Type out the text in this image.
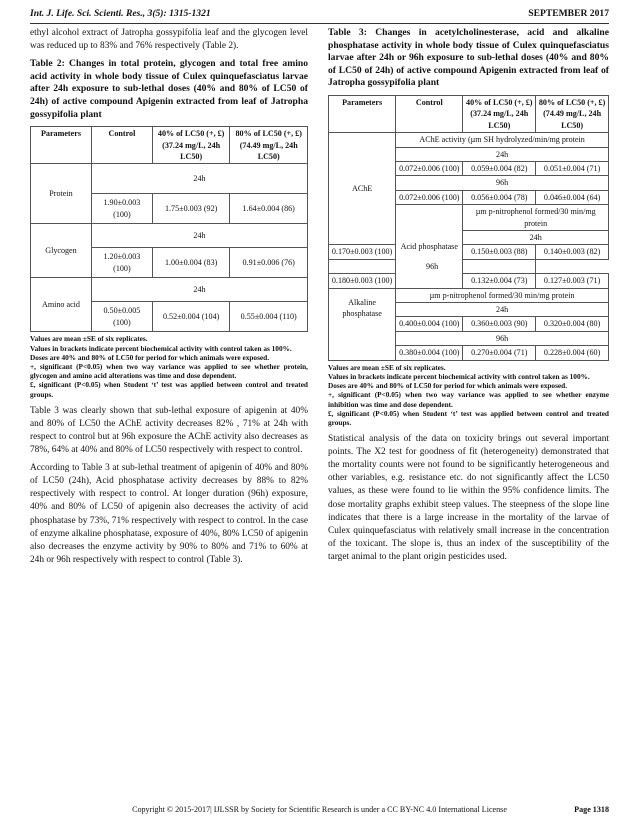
Int. J. Life. Sci. Scienti. Res., 3(5): 1315-1321	SEPTEMBER 2017

ethyl alcohol extract of Jatropha gossypifolia leaf and the glycogen level was reduced up to 83% and 76% respectively (Table 2).

Table 2: Changes in total protein, glycogen and total free amino acid activity in whole body tissue of Culex quinquefasciatus larvae after 24h exposure to sub-lethal doses (40% and 80% of LC50 of 24h) of active compound Apigenin extracted from leaf of Jatropha gossypifolia plant
Parameters	Control	40% of LC50 (+, £) (37.24 mg/L, 24h LC50)	80% of LC50 (+, £) (74.49 mg/L, 24h LC50)
Protein	24h		
	1.90±0.003 (100)	1.75±0.003 (92)	1.64±0.004 (86)
Glycogen	24h		
	1.20±0.003 (100)	1.00±0.004 (83)	0.91±0.006 (76)
Amino acid	24h		
	0.50±0.005 (100)	0.52±0.004 (104)	0.55±0.004 (110)
Values are mean ±SE of six replicates.
Values in brackets indicate percent biochemical activity with control taken as 100%.
Doses are 40% and 80% of LC50 for period for which animals were exposed.
+, significant (P<0.05) when two way variance was applied to see whether protein, glycogen and amino acid alterations was time and dose dependent.
£, significant (P<0.05) when Student ‘t’ test was applied between control and treated groups.

Table 3 was clearly shown that sub-lethal exposure of apigenin at 40% and 80% of LC50 the AChE activity decreases 82% , 71% at 24h with respect to control but at 96h exposure the AChE activity also decreases as 78%, 64% at 40% and 80% of LC50 respectively with respect to control.

According to Table 3 at sub-lethal treatment of apigenin of 40% and 80% of LC50 (24h), Acid phosphatase activity decreases by 88% to 82% respectively with respect to control. At longer duration (96h) exposure, 40% and 80% of LC50 of apigenin also decreases the activity of acid phosphatase by 73%, 71% respectively with respect to control. In the case of enzyme alkaline phosphatase, exposure of 40%, 80% LC50 of apigenin also decreases the enzyme activity by 90% to 80% and 71% to 60% at 24h or 96h respectively with respect to control (Table 3).

Table 3: Changes in acetylcholinesterase, acid and alkaline phosphatase activity in whole body tissue of Culex quinquefasciatus larvae after 24h or 96h exposure to sub-lethal doses (40% and 80% of LC50 of 24h) of active compound Apigenin extracted from leaf of Jatropha gossypifolia plant
Parameters	Control	40% of LC50 (+, £) (37.24 mg/L, 24h LC50)	80% of LC50 (+, £) (74.49 mg/L, 24h LC50)
AChE	AChE activity (µm SH hydrolyzed/min/mg protein		
	24h		
	0.072±0.006 (100)	0.059±0.004 (82)	0.051±0.004 (71)
	96h		
	0.072±0.006 (100)	0.056±0.004 (78)	0.046±0.004 (64)
	Acid phosphatase	µm p-nitrophenol formed/30 min/mg protein	
		24h	
0.170±0.003 (100)		0.150±0.003 (88)	0.140±0.003 (82)
96h			
0.180±0.003 (100)		0.132±0.004 (73)	0.127±0.003 (71)
Alkaline phosphatase	µm p-nitrophenol formed/30 min/mg protein		
	24h		
	0.400±0.004 (100)	0.360±0.003 (90)	0.320±0.004 (80)
	96h		
	0.380±0.004 (100)	0.270±0.004 (71)	0.228±0.004 (60)
Values are mean ±SE of six replicates.
Values in brackets indicate percent biochemical activity with control taken as 100%.
Doses are 40% and 80% of LC50 for period for which animals were exposed.
+, significant (P<0.05) when two way variance was applied to see whether enzyme inhibition was time and dose dependent.
£, significant (P<0.05) when Student ‘t’ test was applied between control and treated groups.

Statistical analysis of the data on toxicity brings out several important points. The X2 test for goodness of fit (heterogeneity) demonstrated that the mortality counts were not found to be significantly heterogeneous and other variables, e.g. resistance etc. do not significantly affect the LC50 values, as these were found to lie within the 95% confidence limits. The dose mortality graphs exhibit steep values. The steepness of the slope line indicates that there is a large increase in the mortality of the larvae of Culex quinquefasciatus with relatively small increase in the concentration of the toxicant. The slope is, thus an index of the susceptibility of the target animal to the plant origin pesticides used.

Copyright © 2015-2017| IJLSSR by Society for Scientific Research is under a CC BY-NC 4.0 International License	Page 1318
